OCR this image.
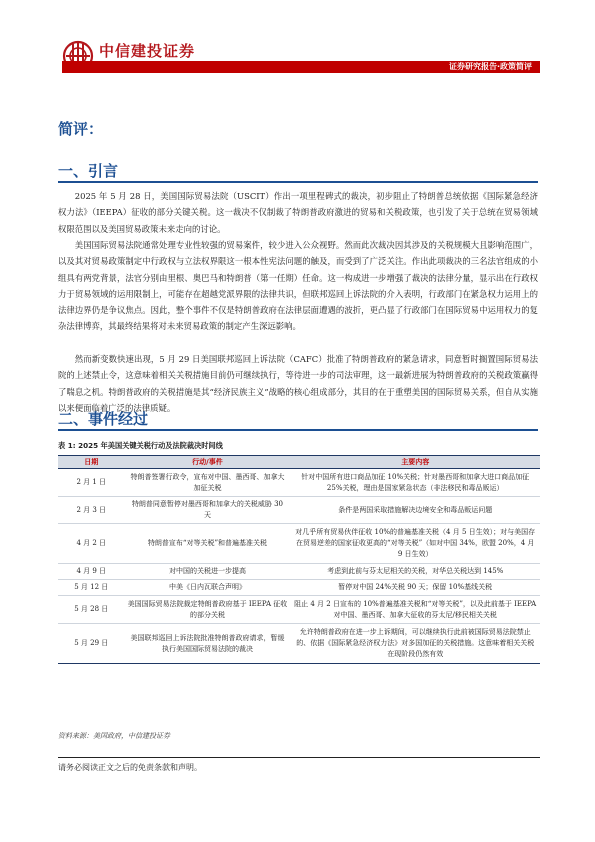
中信建投证券
证券研究报告·政策简评
简评：
一、引言

2025 年 5 月 28 日，美国国际贸易法院（USCIT）作出一项里程碑式的裁决，初步阻止了特朗普总统依据《国际紧急经济权力法》（IEEPA）征收的部分关键关税。这一裁决不仅制裁了特朗普政府激进的贸易和关税政策，也引发了关于总统在贸易领域权限范围以及美国贸易政策未来走向的讨论。

美国国际贸易法院通常处理专业性较强的贸易案件，较少进入公众视野。然而此次裁决因其涉及的关税规模大且影响范围广，以及其对贸易政策制定中行政权与立法权界限这一根本性宪法问题的触及，而受到了广泛关注。作出此项裁决的三名法官组成的小组具有两党背景，法官分别由里根、奥巴马和特朗普（第一任期）任命。这一构成进一步增强了裁决的法律分量，显示出在行政权力于贸易领域的运用限制上，可能存在超越党派界限的法律共识，但联邦巡回上诉法院的介入表明，行政部门在紧急权力运用上的法律边界仍是争议焦点。因此，整个事件不仅是特朗普政府在法律层面遭遇的波折，更凸显了行政部门在国际贸易中运用权力的复杂法律博弈，其最终结果将对未来贸易政策的制定产生深远影响。

然而新变数快速出现，5 月 29 日美国联邦巡回上诉法院（CAFC）批准了特朗普政府的紧急请求，同意暂时搁置国际贸易法院的上述禁止令，这意味着相关关税措施目前仍可继续执行，等待进一步的司法审理，这一最新进展为特朗普政府的关税政策赢得了喘息之机。特朗普政府的关税措施是其“经济民族主义”战略的核心组成部分，其目的在于重塑美国的国际贸易关系，但自从实施以来便面临着广泛的法律质疑。

二、事件经过

表 1: 2025 年美国关键关税行动及法院裁决时间线

日期	行动/事件	主要内容
2 月 1 日	特朗普签署行政令，宣布对中国、墨西哥、加拿大加征关税	针对中国所有进口商品加征 10%关税；针对墨西哥和加拿大进口商品加征 25%关税，理由是国家紧急状态（非法移民和毒品贩运）
2 月 3 日	特朗普同意暂停对墨西哥和加拿大的关税威胁 30 天	条件是两国采取措施解决边境安全和毒品贩运问题
4 月 2 日	特朗普宣布“对等关税”和普遍基准关税	对几乎所有贸易伙伴征收 10%的普遍基准关税（4 月 5 日生效）；对与美国存在贸易逆差的国家征收更高的“对等关税”（如对中国 34%，欧盟 20%，4 月 9 日生效）
4 月 9 日	对中国的关税进一步提高	考虑到此前与芬太尼相关的关税，对华总关税达到 145%
5 月 12 日	中美《日内瓦联合声明》	暂停对中国 24%关税 90 天；保留 10%基线关税
5 月 28 日	美国国际贸易法院裁定特朗普政府基于 IEEPA 征收的部分关税	阻止 4 月 2 日宣布的 10%普遍基准关税和“对等关税”，以及此前基于 IEEPA 对中国、墨西哥、加拿大征收的芬太尼/移民相关关税
5 月 29 日	美国联邦巡回上诉法院批准特朗普政府请求，暂缓执行美国国际贸易法院的裁决	允许特朗普政府在进一步上诉期间，可以继续执行此前被国际贸易法院禁止的、依据《国际紧急经济权力法》对多国加征的关税措施。这意味着相关关税在现阶段仍然有效

资料来源：美国政府，中信建投证券

请务必阅读正文之后的免责条款和声明。
